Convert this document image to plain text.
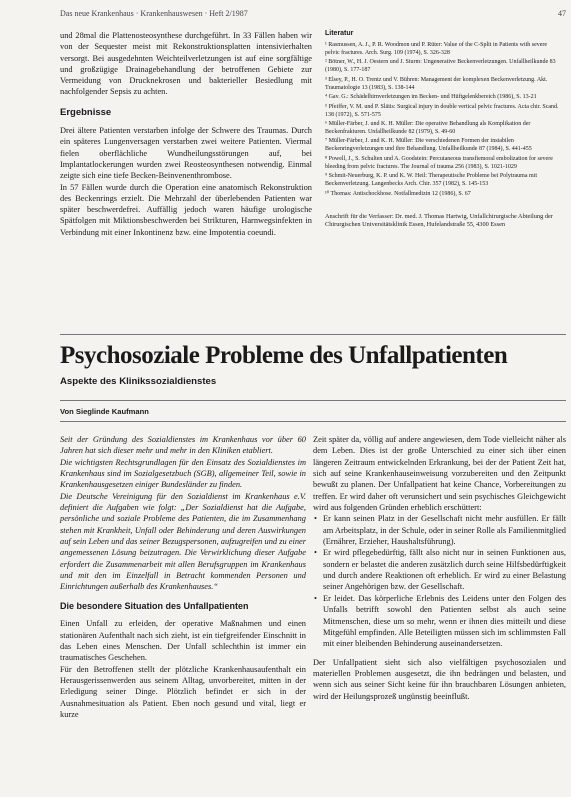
Das neue Krankenhaus · Krankenhauswesen · Heft 2/1987	47

und 28mal die Plattenosteosynthese durchgeführt. In 33 Fällen haben wir von der Sequester meist mit Rekonstruktionsplatten intensivierhalten versorgt. Bei ausgedehnten Weichteilverletzungen ist auf eine sorgfältige und großzügige Drainagebehandlung der betroffenen Gebiete zur Vermeidung von Drucknekrosen und bakterieller Besiedlung mit nachfolgender Sepsis zu achten.

Ergebnisse

Drei ältere Patienten verstarben infolge der Schwere des Traumas. Durch ein späteres Lungenversagen verstarben zwei weitere Patienten. Viermal fielen oberflächliche Wundheilungsstörungen auf, bei Implantatlockerungen wurden zwei Reosteosynthesen notwendig. Einmal zeigte sich eine tiefe Becken-Beinvenenthrombose.

In 57 Fällen wurde durch die Operation eine anatomisch Rekonstruktion des Beckenrings erzielt. Die Mehrzahl der überlebenden Patienten war später beschwerdefrei. Auffällig jedoch waren häufige urologische Spätfolgen mit Miktionsbeschwerden bei Strikturen, Harnwegsinfekten in Verbindung mit einer Inkontinenz bzw. eine Impotentia coeundi.

Literatur
¹ Rasmussen, A. J., P. R. Woodmon und P. Rüter: Value of the C-Split in Patients with severe pelvic fractures. Arch. Surg. 109 (1974), S. 326-328
² Bötner, W., H. J. Oestern und J. Sturm: Ungenerative Beckenverletzungen. Unfallheilkunde 83 (1980), S. 177-187
³ Elsey, P., H. O. Trentz und V. Bühren: Management der komplexen Beckenverletzung. Akt. Traumatologie 13 (1983), S. 138-144
⁴ Gav. G.: Schädelhirnverletzungen im Becken- und Hüftgelenkbereich (1986), S. 13-21
⁵ Pfeiffer, V. M. und P. Slätis: Surgical injury in double vertical pelvic fractures. Acta chir. Scand. 138 (1972), S. 571-575
⁶ Müller-Färber, J. und K. H. Müller: Die operative Behandlung als Komplikation der Beckenfrakturen. Unfallheilkunde 82 (1979), S. 49-60
⁷ Müller-Färber, J. und K. H. Müller: Die verschiedenen Formen der instabilen Beckenringverletzungen und ihre Behandlung. Unfallheilkunde 87 (1984), S. 441-455
⁸ Powell, J., S. Schulten und A. Goodstein: Percutaneous transfiemoral embolization for severe bleeding from pelvic fractures. The Journal of trauma 256 (1983), S. 1021-1029
⁹ Schmit-Neuerburg, K. P. und K. W. Heil: Therapeutische Probleme bei Polytrauma mit Beckenverletzung. Langenbecks Arch. Chir. 357 (1982), S. 145-153
¹⁰ Thomas: Antischockhose. Notfallmedizin 12 (1986), S. 67
Anschrift für die Verfasser: Dr. med. J. Thomas Hartwig, Unfallchirurgische Abteilung der Chirurgischen Universitätsklinik Essen, Hufelandstraße 55, 4300 Essen
Psychosoziale Probleme des Unfallpatienten
Aspekte des Klinikssozialdienstes
Von Sieglinde Kaufmann

Seit der Gründung des Sozialdienstes im Krankenhaus vor über 60 Jahren hat sich dieser mehr und mehr in den Kliniken etabliert.

Die wichtigsten Rechtsgrundlagen für den Einsatz des Sozialdienstes im Krankenhaus sind im Sozialgesetzbuch (SGB), allgemeiner Teil, sowie in Krankenhausgesetzen einiger Bundesländer zu finden.

Die Deutsche Vereinigung für den Sozialdienst im Krankenhaus e.V. definiert die Aufgaben wie folgt: „Der Sozialdienst hat die Aufgabe, persönliche und soziale Probleme des Patienten, die im Zusammenhang stehen mit Krankheit, Unfall oder Behinderung und deren Auswirkungen auf sein Leben und das seiner Bezugspersonen, aufzugreifen und zu einer angemessenen Lösung beizutragen. Die Verwirklichung dieser Aufgabe erfordert die Zusammenarbeit mit allen Berufsgruppen im Krankenhaus und mit den im Einzelfall in Betracht kommenden Personen und Einrichtungen außerhalb des Krankenhauses.“

Die besondere Situation des Unfallpatienten

Einen Unfall zu erleiden, der operative Maßnahmen und einen stationären Aufenthalt nach sich zieht, ist ein tiefgreifender Einschnitt in das Leben eines Menschen. Der Unfall schlechthin ist immer ein traumatisches Geschehen.

Für den Betroffenen stellt der plötzliche Krankenhausaufenthalt ein Herausgerissenwerden aus seinem Alltag, unvorbereitet, mitten in der Erledigung seiner Dinge. Plötzlich befindet er sich in der Ausnahmesituation als Patient. Eben noch gesund und vital, liegt er kurze

Zeit später da, völlig auf andere angewiesen, dem Tode vielleicht näher als dem Leben. Dies ist der große Unterschied zu einer sich über einen längeren Zeitraum entwickelnden Erkrankung, bei der der Patient Zeit hat, sich auf seine Krankenhauseinweisung vorzubereiten und den Zeitpunkt bewußt zu planen. Der Unfallpatient hat keine Chance, Vorbereitungen zu treffen. Er wird daher oft verunsichert und sein psychisches Gleichgewicht wird aus folgenden Gründen erheblich erschüttert:

• Er kann seinen Platz in der Gesellschaft nicht mehr ausfüllen. Er fällt am Arbeitsplatz, in der Schule, oder in seiner Rolle als Familienmitglied (Ernährer, Erzieher, Haushaltsführung).
• Er wird pflegebedürftig, fällt also nicht nur in seinen Funktionen aus, sondern er belastet die anderen zusätzlich durch seine Hilfsbedürftigkeit und durch andere Reaktionen oft erheblich. Er wird zu einer Belastung seiner Angehörigen bzw. der Gesellschaft.
• Er leidet. Das körperliche Erlebnis des Leidens unter den Folgen des Unfalls betrifft sowohl den Patienten selbst als auch seine Mitmenschen, diese um so mehr, wenn er ihnen dies mitteilt und diese Mitgefühl empfinden. Alle Beteiligten müssen sich im schlimmsten Fall mit einer bleibenden Behinderung auseinandersetzen.

Der Unfallpatient sieht sich also vielfältigen psychosozialen und materiellen Problemen ausgesetzt, die ihn bedrängen und belasten, und wenn sich aus seiner Sicht keine für ihn brauchbaren Lösungen anbieten, wird der Heilungsprozeß ungünstig beeinflußt.
